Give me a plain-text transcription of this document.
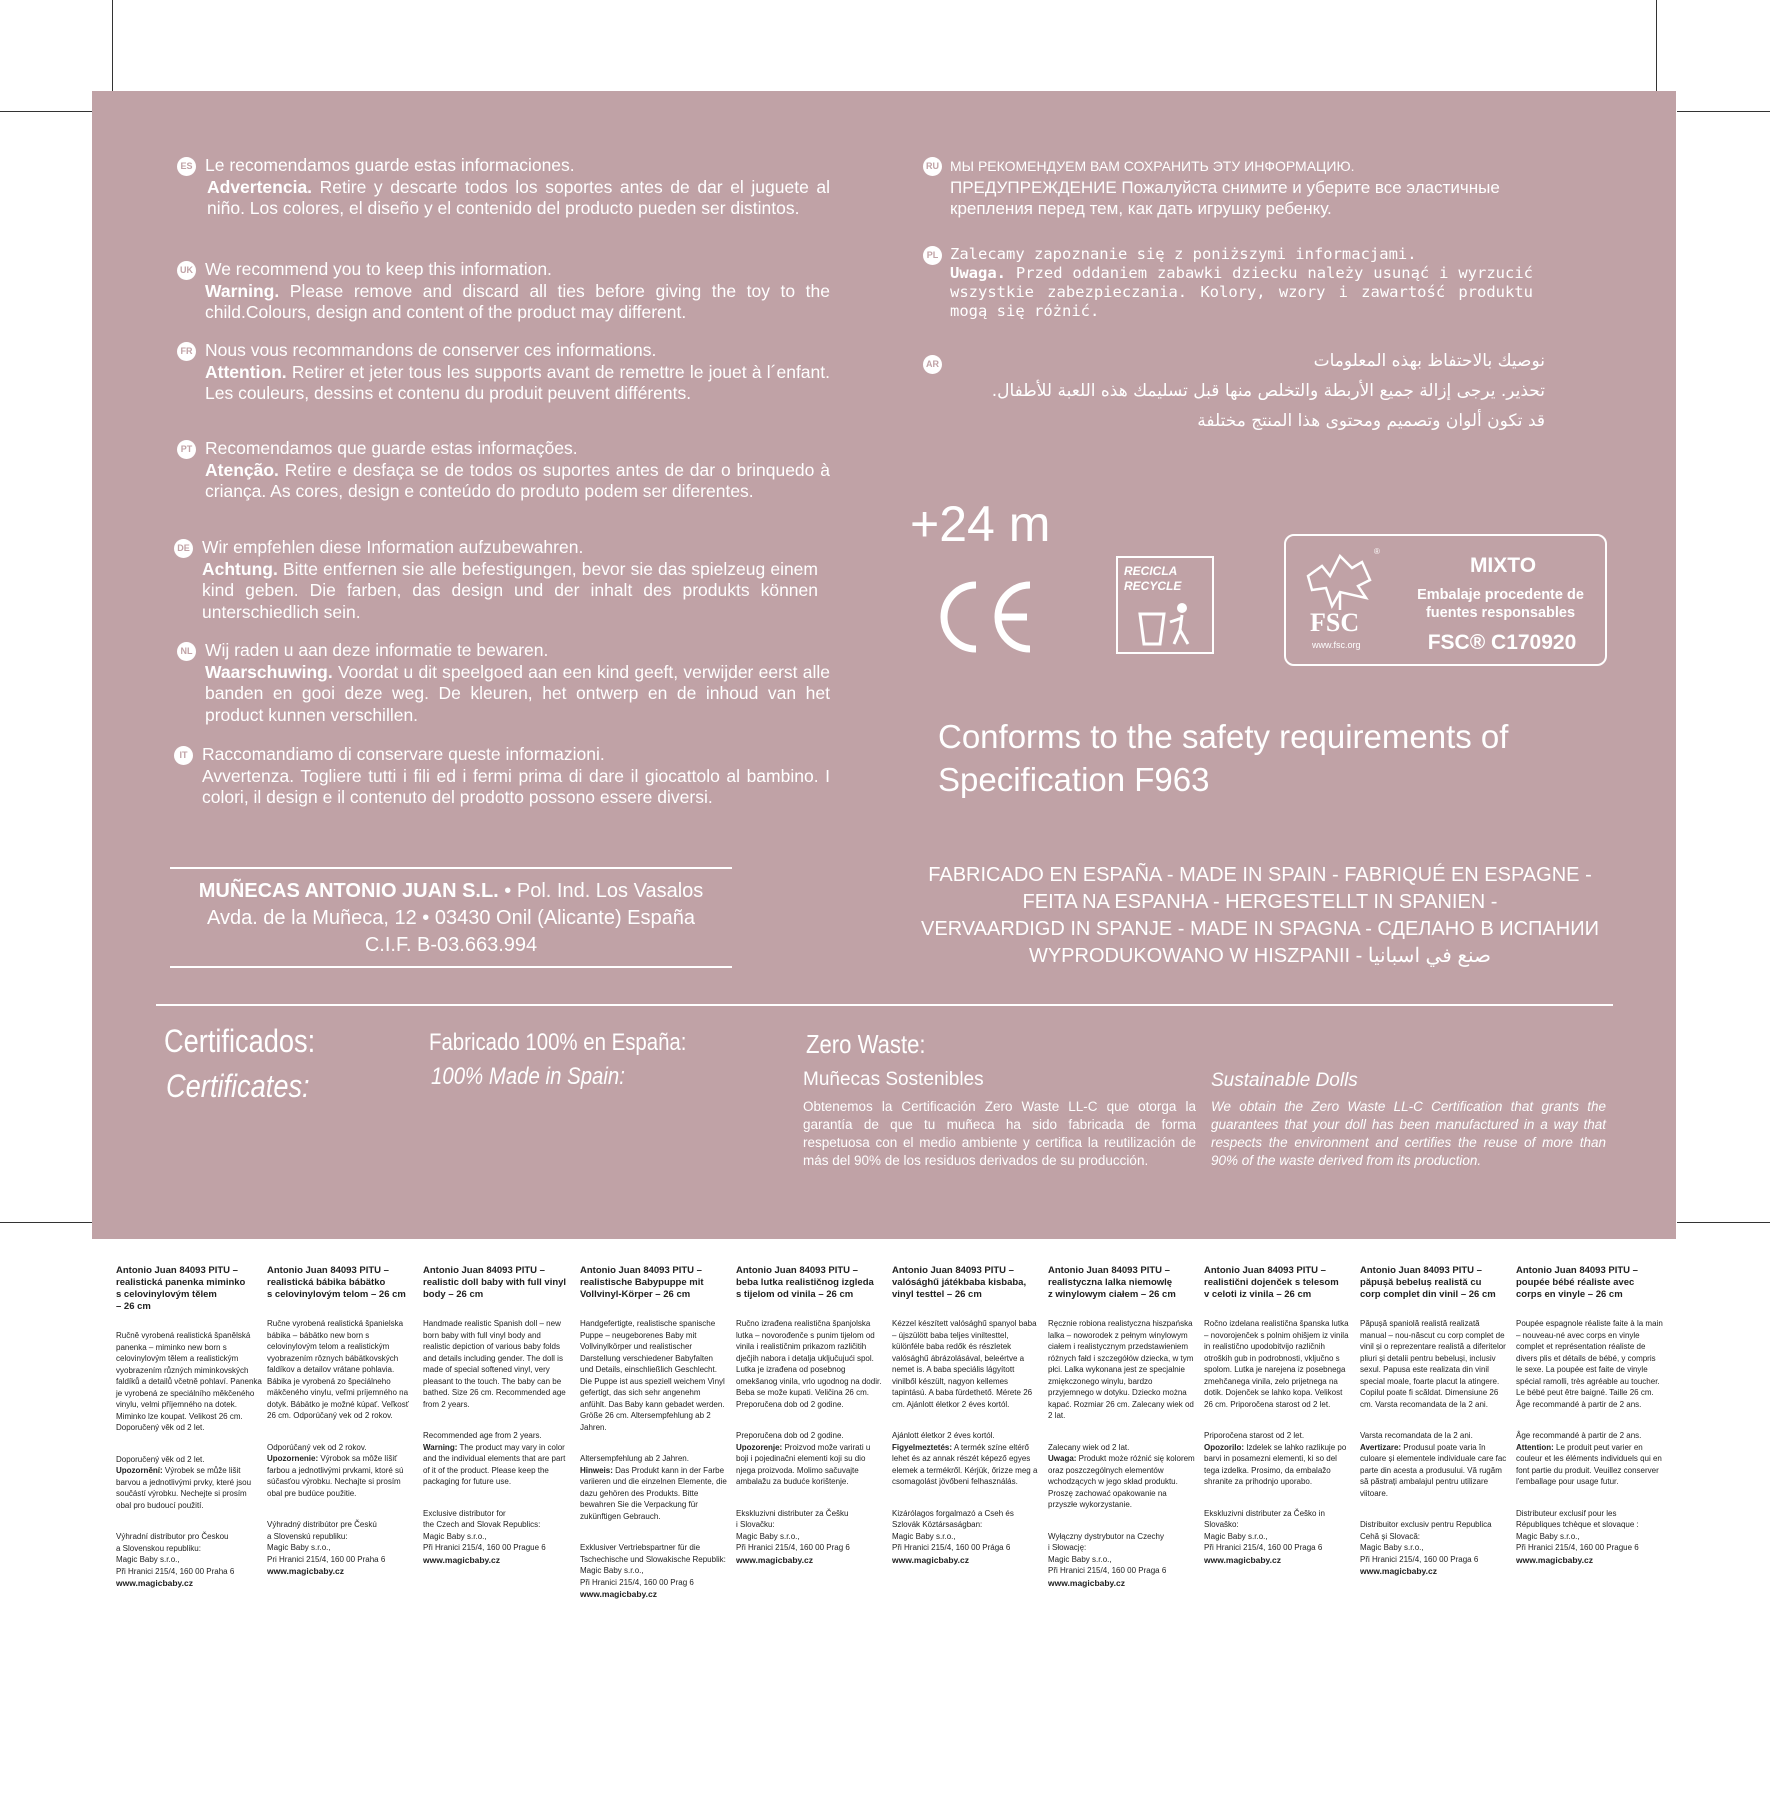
ES Le recomendamos guarde estas informaciones.

Advertencia. Retire y descarte todos los soportes antes de dar el juguete al niño. Los colores, el diseño y el contenido del producto pueden ser distintos.

UK We recommend you to keep this information.

Warning. Please remove and discard all ties before giving the toy to the child.Colours, design and content of the product may different.

FR Nous vous recommandons de conserver ces informations.

Attention. Retirer et jeter tous les supports avant de remettre le jouet à l´enfant. Les couleurs, dessins et contenu du produit peuvent différents.

PT Recomendamos que guarde estas informações.

Atenção. Retire e desfaça se de todos os suportes antes de dar o brinquedo à criança. As cores, design e conteúdo do produto podem ser diferentes.

DE Wir empfehlen diese Information aufzubewahren.

Achtung. Bitte entfernen sie alle befestigungen, bevor sie das spielzeug einem kind geben. Die farben, das design und der inhalt des produkts können unterschiedlich sein.

NL Wij raden u aan deze informatie te bewaren.

Waarschuwing. Voordat u dit speelgoed aan een kind geeft, verwijder eerst alle banden en gooi deze weg. De kleuren, het ontwerp en de inhoud van het product kunnen verschillen.

IT Raccomandiamo di conservare queste informazioni.

Avvertenza. Togliere tutti i fili ed i fermi prima di dare il giocattolo al bambino. I colori, il design e il contenuto del prodotto possono essere diversi.

MUÑECAS ANTONIO JUAN S.L. • Pol. Ind. Los Vasalos
Avda. de la Muñeca, 12 • 03430 Onil (Alicante) España
C.I.F. B-03.663.994
RU МЫ РЕКОМЕНДУЕМ ВАМ СОХРАНИТЬ ЭТУ ИНФОРМАЦИЮ.

ПРЕДУПРЕЖДЕНИЕ Пожалуйста снимите и уберите все эластичные крепления перед тем, как дать игрушку ребенку.

PL Zalecamy zapoznanie się z poniższymi informacjami.

Uwaga. Przed oddaniem zabawki dziecku należy usunąć i wyrzucić wszystkie zabezpieczania. Kolory, wzory i zawartość produktu mogą się różnić.

AR	نوصيك بالاحتفاظ بهذه المعلومات

تحذير. يرجى إزالة جميع الأربطة والتخلص منها قبل تسليمك هذه اللعبة للأطفال.

قد تكون ألوان وتصميم ومحتوى هذا المنتج مختلفة

+24 m
RECICLA
RECYCLE
®
FSC
www.fsc.org
MIXTO
Embalaje procedente de fuentes responsables
FSC® C170920
Conforms to the safety requirements of Specification F963
FABRICADO EN ESPAÑA - MADE IN SPAIN - FABRIQUÉ EN ESPAGNE -
FEITA NA ESPANHA - HERGESTELLT IN SPANIEN -
VERVAARDIGD IN SPANJE - MADE IN SPAGNA - СДЕЛАНО В ИСПАНИИ
WYPRODUKOWANO W HISZPANII - صنع في اسبانيا
Certificados:
Certificates:
Fabricado 100% en España:
100% Made in Spain:
Zero Waste:
Muñecas Sostenibles
Obtenemos la Certificación Zero Waste LL-C que otorga la garantía de que tu muñeca ha sido fabricada de forma respetuosa con el medio ambiente y certifica la reutilización de más del 90% de los residuos derivados de su producción.
Sustainable Dolls
We obtain the Zero Waste LL-C Certification that grants the guarantees that your doll has been manufactured in a way that respects the environment and certifies the reuse of more than 90% of the waste derived from its production.

Antonio Juan 84093 PITU –
realistická panenka miminko
s celovinylovým tělem
– 26 cm

Ručně vyrobená realistická španělská panenka – miminko new born s celovinylovým tělem a realistickým vyobrazením různých miminkovských faldíků a detailů včetně pohlaví. Panenka je vyrobená ze speciálního měkčeného vinylu, velmi příjemného na dotek. Miminko lze koupat. Velikost 26 cm. Doporučený věk od 2 let.

Doporučený věk od 2 let.
Upozornění: Výrobek se může lišit barvou a jednotlivými prvky, které jsou součástí výrobku. Nechejte si prosím obal pro budoucí použití.

Výhradní distributor pro Českou
a Slovenskou republiku:
Magic Baby s.r.o.,
Při Hranici 215/4, 160 00 Praha 6

www.magicbaby.cz

Antonio Juan 84093 PITU –
realistická bábika bábätko
s celovinylovým telom – 26 cm

Ručne vyrobená realistická španielska bábika – bábätko new born s celovinylovým telom a realistickým vyobrazením rôznych bábätkovských faldíkov a detailov vrátane pohlavia. Bábika je vyrobená zo špeciálneho mäkčeného vinylu, veľmi príjemného na dotyk. Bábätko je možné kúpať. Veľkosť 26 cm. Odporúčaný vek od 2 rokov.

Odporúčaný vek od 2 rokov.
Upozornenie: Výrobok sa môže líšiť farbou a jednotlivými prvkami, ktoré sú súčasťou výrobku. Nechajte si prosím obal pre budúce použitie.

Výhradný distribútor pre Českú
a Slovenskú republiku:
Magic Baby s.r.o.,
Pri Hranici 215/4, 160 00 Praha 6

www.magicbaby.cz

Antonio Juan 84093 PITU –
realistic doll baby with full vinyl
body – 26 cm

Handmade realistic Spanish doll – new born baby with full vinyl body and realistic depiction of various baby folds and details including gender. The doll is made of special softened vinyl, very pleasant to the touch. The baby can be bathed. Size 26 cm. Recommended age from 2 years.

Recommended age from 2 years.
Warning: The product may vary in color and the individual elements that are part of it of the product. Please keep the packaging for future use.

Exclusive distributor for
the Czech and Slovak Republics:
Magic Baby s.r.o.,
Při Hranici 215/4, 160 00 Prague 6

www.magicbaby.cz

Antonio Juan 84093 PITU –
realistische Babypuppe mit
Vollvinyl-Körper – 26 cm

Handgefertigte, realistische spanische Puppe – neugeborenes Baby mit Vollvinylkörper und realistischer Darstellung verschiedener Babyfalten und Details, einschließlich Geschlecht. Die Puppe ist aus speziell weichem Vinyl gefertigt, das sich sehr angenehm anfühlt. Das Baby kann gebadet werden. Größe 26 cm. Altersempfehlung ab 2 Jahren.

Altersempfehlung ab 2 Jahren.
Hinweis: Das Produkt kann in der Farbe variieren und die einzelnen Elemente, die dazu gehören des Produkts. Bitte bewahren Sie die Verpackung für zukünftigen Gebrauch.

Exklusiver Vertriebspartner für die
Tschechische und Slowakische Republik:
Magic Baby s.r.o.,
Při Hranici 215/4, 160 00 Prag 6

www.magicbaby.cz

Antonio Juan 84093 PITU –
beba lutka realističnog izgleda
s tijelom od vinila – 26 cm

Ručno izrađena realistična španjolska lutka – novorođenče s punim tijelom od vinila i realističnim prikazom različitih dječjih nabora i detalja uključujući spol. Lutka je izrađena od posebnog omekšanog vinila, vrlo ugodnog na dodir. Beba se može kupati. Veličina 26 cm. Preporučena dob od 2 godine.

Preporučena dob od 2 godine.
Upozorenje: Proizvod može varirati u boji i pojedinačni elementi koji su dio njega proizvoda. Molimo sačuvajte ambalažu za buduće korištenje.

Ekskluzivni distributer za Češku
i Slovačku:
Magic Baby s.r.o.,
Při Hranici 215/4, 160 00 Prag 6

www.magicbaby.cz

Antonio Juan 84093 PITU –
valósághű játékbaba kisbaba,
vinyl testtel – 26 cm

Kézzel készített valósághű spanyol baba – újszülött baba teljes viniltesttel, különféle baba redők és részletek valósághű ábrázolásával, beleértve a nemet is. A baba speciális lágyított vinilből készült, nagyon kellemes tapintású. A baba fürdethető. Mérete 26 cm. Ajánlott életkor 2 éves kortól.

Ajánlott életkor 2 éves kortól.
Figyelmeztetés: A termék színe eltérő lehet és az annak részét képező egyes elemek a termékről. Kérjük, őrizze meg a csomagolást jövőbeni felhasználás.

Kizárólagos forgalmazó a Cseh és
Szlovák Köztársaságban:
Magic Baby s.r.o.,
Při Hranici 215/4, 160 00 Prága 6

www.magicbaby.cz

Antonio Juan 84093 PITU –
realistyczna lalka niemowlę
z winylowym ciałem – 26 cm

Ręcznie robiona realistyczna hiszpańska lalka – noworodek z pełnym winylowym ciałem i realistycznym przedstawieniem różnych fałd i szczegółów dziecka, w tym płci. Lalka wykonana jest ze specjalnie zmiękczonego winylu, bardzo przyjemnego w dotyku. Dziecko można kąpać. Rozmiar 26 cm. Zalecany wiek od 2 lat.

Zalecany wiek od 2 lat.
Uwaga: Produkt może różnić się kolorem oraz poszczególnych elementów wchodzących w jego skład produktu. Proszę zachować opakowanie na przyszłe wykorzystanie.

Wyłączny dystrybutor na Czechy
i Słowację:
Magic Baby s.r.o.,
Při Hranici 215/4, 160 00 Praga 6

www.magicbaby.cz

Antonio Juan 84093 PITU –
realistični dojenček s telesom
v celoti iz vinila – 26 cm

Ročno izdelana realistična španska lutka – novorojenček s polnim ohišjem iz vinila in realistično upodobitvijo različnih otroških gub in podrobnosti, vključno s spolom. Lutka je narejena iz posebnega zmehčanega vinila, zelo prijetnega na dotik. Dojenček se lahko kopa. Velikost 26 cm. Priporočena starost od 2 let.

Priporočena starost od 2 let.
Opozorilo: Izdelek se lahko razlikuje po barvi in posamezni elementi, ki so del tega izdelka. Prosimo, da embalažo shranite za prihodnjo uporabo.

Ekskluzivni distributer za Češko in
Slovaško:
Magic Baby s.r.o.,
Při Hranici 215/4, 160 00 Praga 6

www.magicbaby.cz

Antonio Juan 84093 PITU –
păpușă bebeluș realistă cu
corp complet din vinil – 26 cm

Păpușă spaniolă realistă realizată manual – nou-născut cu corp complet de vinil și o reprezentare realistă a diferitelor pliuri și detalii pentru bebeluși, inclusiv sexul. Papusa este realizata din vinil special moale, foarte placut la atingere. Copilul poate fi scăldat. Dimensiune 26 cm. Varsta recomandata de la 2 ani.

Varsta recomandata de la 2 ani.
Avertizare: Produsul poate varia în culoare și elementele individuale care fac parte din acesta a produsului. Vă rugăm să păstrați ambalajul pentru utilizare viitoare.

Distribuitor exclusiv pentru Republica
Cehă și Slovacă:
Magic Baby s.r.o.,
Při Hranici 215/4, 160 00 Praga 6

www.magicbaby.cz

Antonio Juan 84093 PITU –
poupée bébé réaliste avec
corps en vinyle – 26 cm

Poupée espagnole réaliste faite à la main – nouveau-né avec corps en vinyle complet et représentation réaliste de divers plis et détails de bébé, y compris le sexe. La poupée est faite de vinyle spécial ramolli, très agréable au toucher. Le bébé peut être baigné. Taille 26 cm. Âge recommandé à partir de 2 ans.

Âge recommandé à partir de 2 ans.
Attention: Le produit peut varier en couleur et les éléments individuels qui en font partie du produit. Veuillez conserver l'emballage pour usage futur.

Distributeur exclusif pour les
Républiques tchèque et slovaque :
Magic Baby s.r.o.,
Při Hranici 215/4, 160 00 Prague 6

www.magicbaby.cz
